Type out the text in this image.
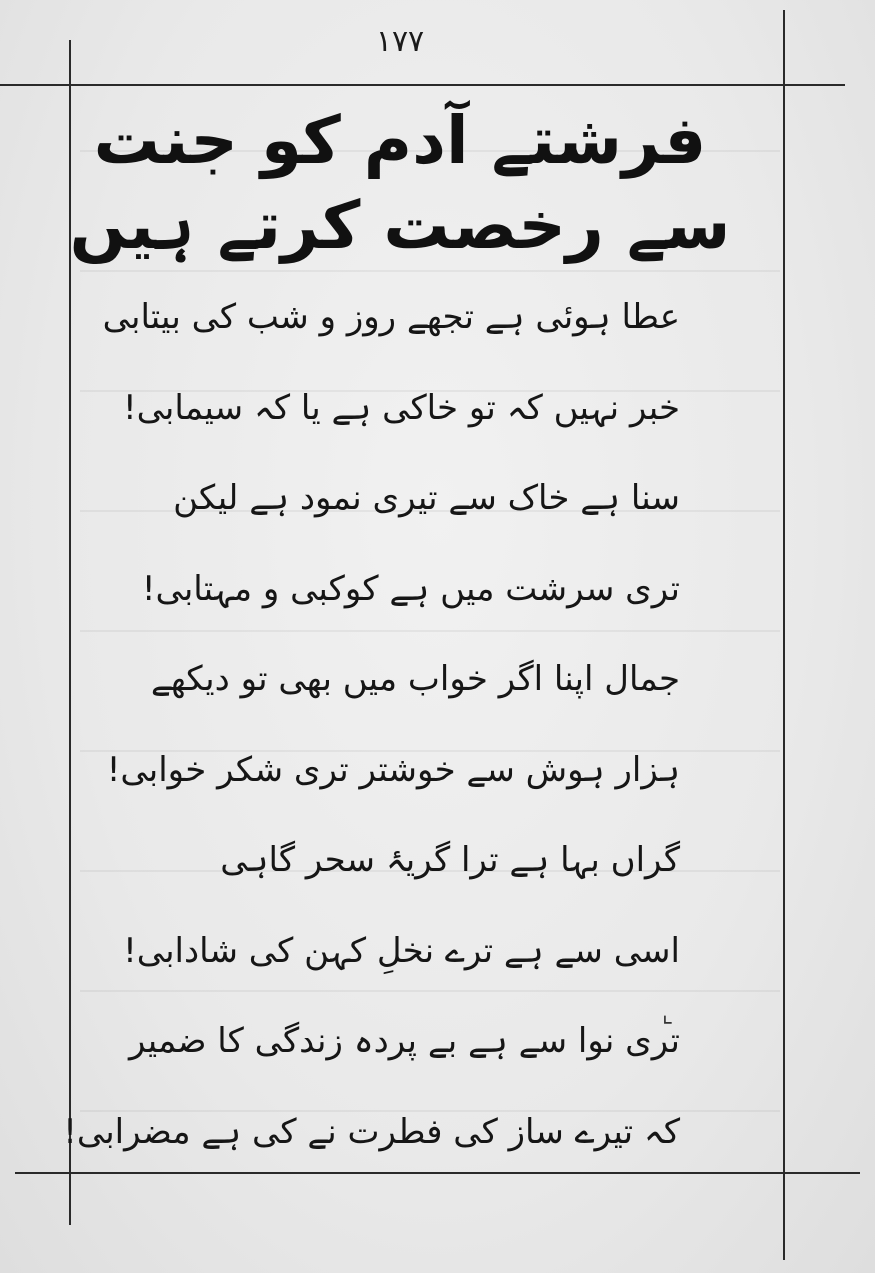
۱۷۷
فرشتے آدم کو جنت سے رخصت کرتے ہیں
عطا ہوئی ہے تجھے روز و شب کی بیتابی
خبر نہیں کہ تو خاکی ہے یا کہ سیمابی!
سنا ہے خاک سے تیری نمود ہے لیکن
تری سرشت میں ہے کوکبی و مہتابی!
جمال اپنا اگر خواب میں بھی تو دیکھے
ہزار ہوش سے خوشتر تری شکر خوابی!
گراں بہا ہے ترا گریۂ سحر گاہی
اسی سے ہے ترے نخلِ کہن کی شادابی!
تری نوا سے ہے بے پردہ زندگی کا ضمیر
کہ تیرے ساز کی فطرت نے کی ہے مضرابی!
⌞
